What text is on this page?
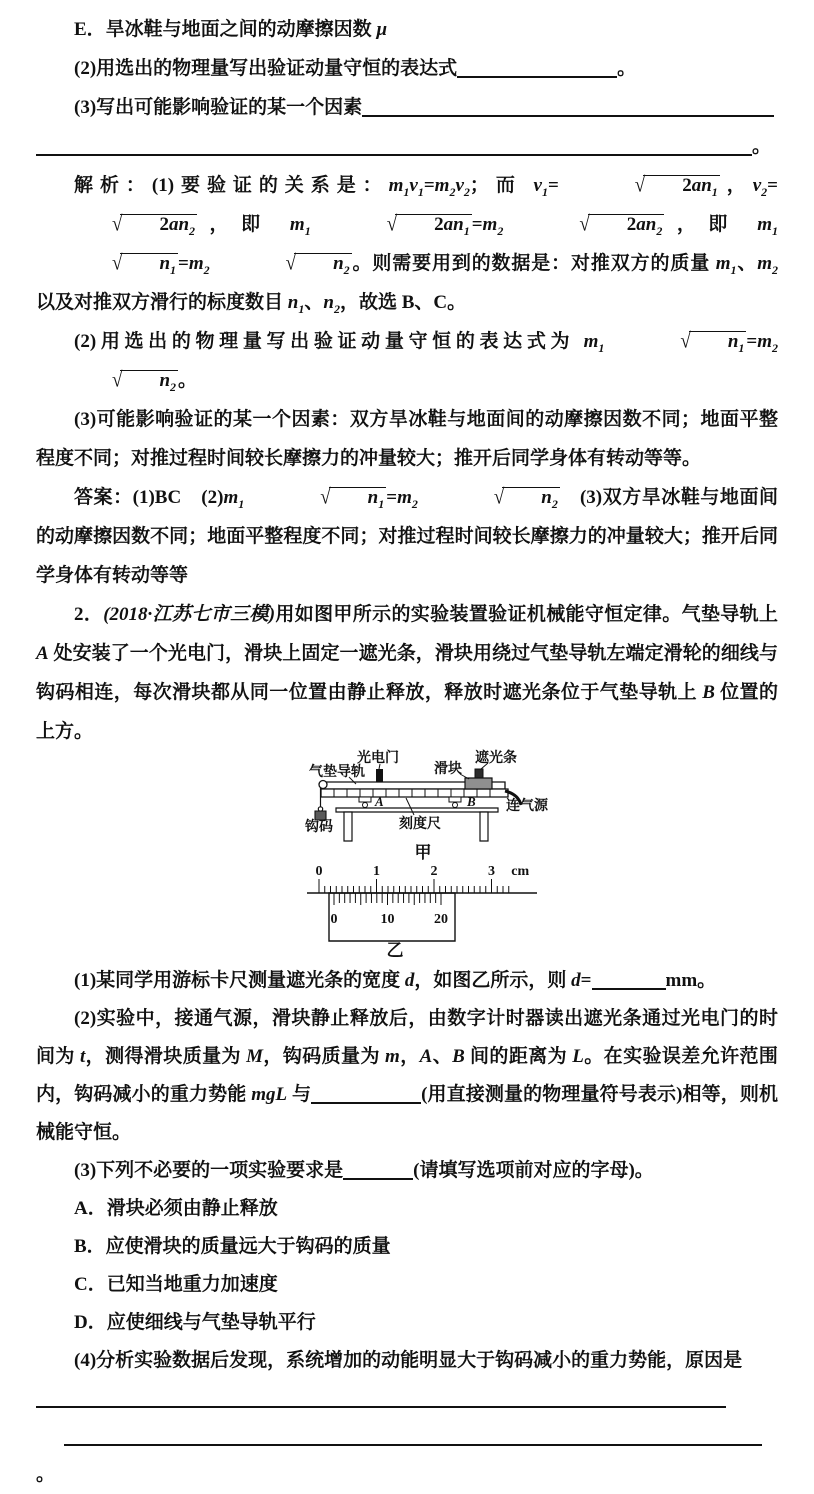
E．旱冰鞋与地面之间的动摩擦因数 μ

(2)用选出的物理量写出验证动量守恒的表达式	。

(3)写出可能影响验证的某一个因素

。

解析：(1)要验证的关系是：$m_1v_1=m_2v_2$；而 $v_1=$	√ $2an_1$ ，$v_2=√$ $2an_2$ ，即 $m_1$	√ $2an_1 =m_2$	√ $2an_2$ ，即 $m_1√$ $n_1 =m_2$	√ $n_2$ 。则需要用到的数据是：对推双方的质量 $m_1$、$m_2$ 以及对推双方滑行的标度数目 $n_1$、$n_2$，故选 B、C。

(2)用选出的物理量写出验证动量守恒的表达式为 $m_1$	√ $n_1 =m_2√$ $n_2$ 。

(3)可能影响验证的某一个因素：双方旱冰鞋与地面间的动摩擦因数不同；地面平整程度不同；对推过程时间较长摩擦力的冲量较大；推开后同学身体有转动等等。

答案：(1)BC　$(2)m_1$	√ $n_1 =m_2$	√ $n_2$　(3)双方旱冰鞋与地面间的动摩擦因数不同；地面平整程度不同；对推过程时间较长摩擦力的冲量较大；推开后同学身体有转动等等

2．(2018·江苏七市三模)用如图甲所示的实验装置验证机械能守恒定律。气垫导轨上 A 处安装了一个光电门，滑块上固定一遮光条，滑块用绕过气垫导轨左端定滑轮的细线与钩码相连，每次滑块都从同一位置由静止释放，释放时遮光条位于气垫导轨上 B 位置的上方。

光电门
气垫导轨	滑块
遮光条
连气源
钩码	刻度尺
A	B
甲
0	1	2	3 cm
0	10	20
乙

(1)某同学用游标卡尺测量遮光条的宽度 d，如图乙所示，则 d=	mm。

(2)实验中，接通气源，滑块静止释放后，由数字计时器读出遮光条通过光电门的时间为 t，测得滑块质量为 M，钩码质量为 m，A、B 间的距离为 L。在实验误差允许范围内，钩码减小的重力势能 mgL 与	(用直接测量的物理量符号表示)相等，则机械能守恒。

(3)下列不必要的一项实验要求是	(请填写选项前对应的字母)。

A．滑块必须由静止释放

B．应使滑块的质量远大于钩码的质量

C．已知当地重力加速度

D．应使细线与气垫导轨平行

(4)分析实验数据后发现，系统增加的动能明显大于钩码减小的重力势能，原因是

。
